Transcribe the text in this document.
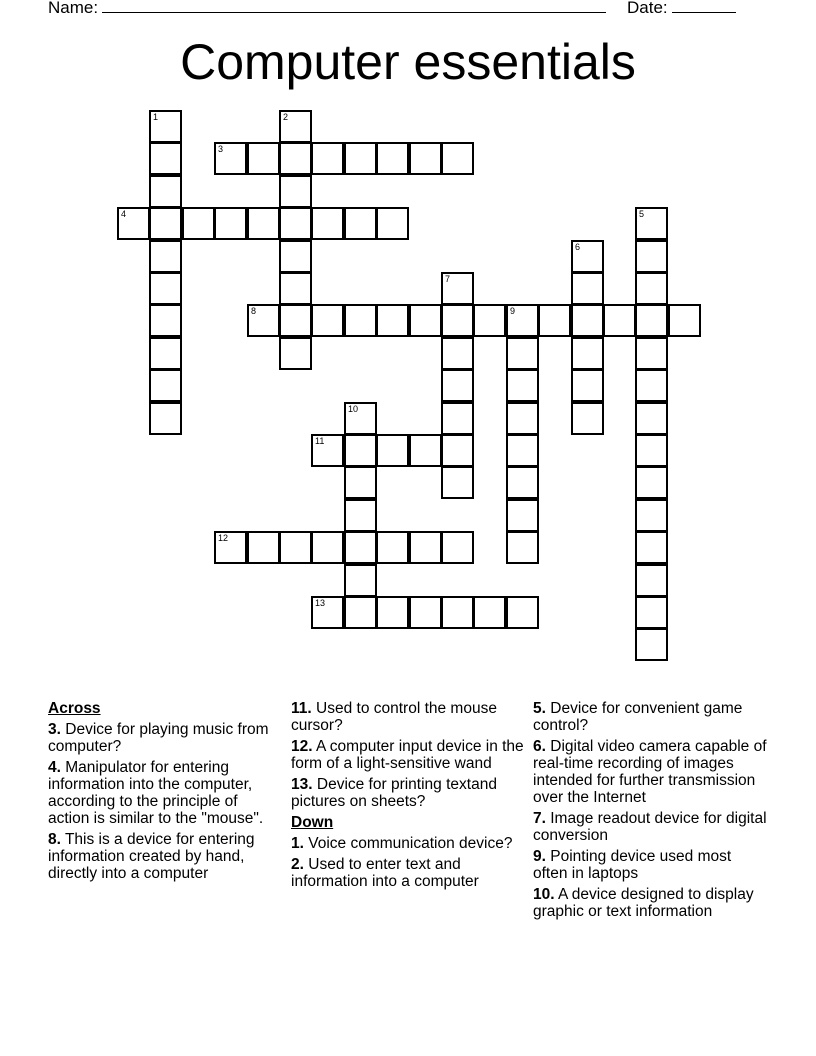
Name:	Date:
Computer essentials
1	2
3
4	5
6
7
8	9
10
11
12
13
Across
3. Device for playing music from computer?
4. Manipulator for entering information into the computer, according to the principle of action is similar to the "mouse".
8. This is a device for entering information created by hand, directly into a computer
11. Used to control the mouse cursor?
12. A computer input device in the form of a light-sensitive wand
13. Device for printing textand pictures on sheets?
Down
1. Voice communication device?
2. Used to enter text and information into a computer
5. Device for convenient game control?
6. Digital video camera capable of real-time recording of images intended for further transmission over the Internet
7. Image readout device for digital conversion
9. Pointing device used most often in laptops
10. A device designed to display graphic or text information
